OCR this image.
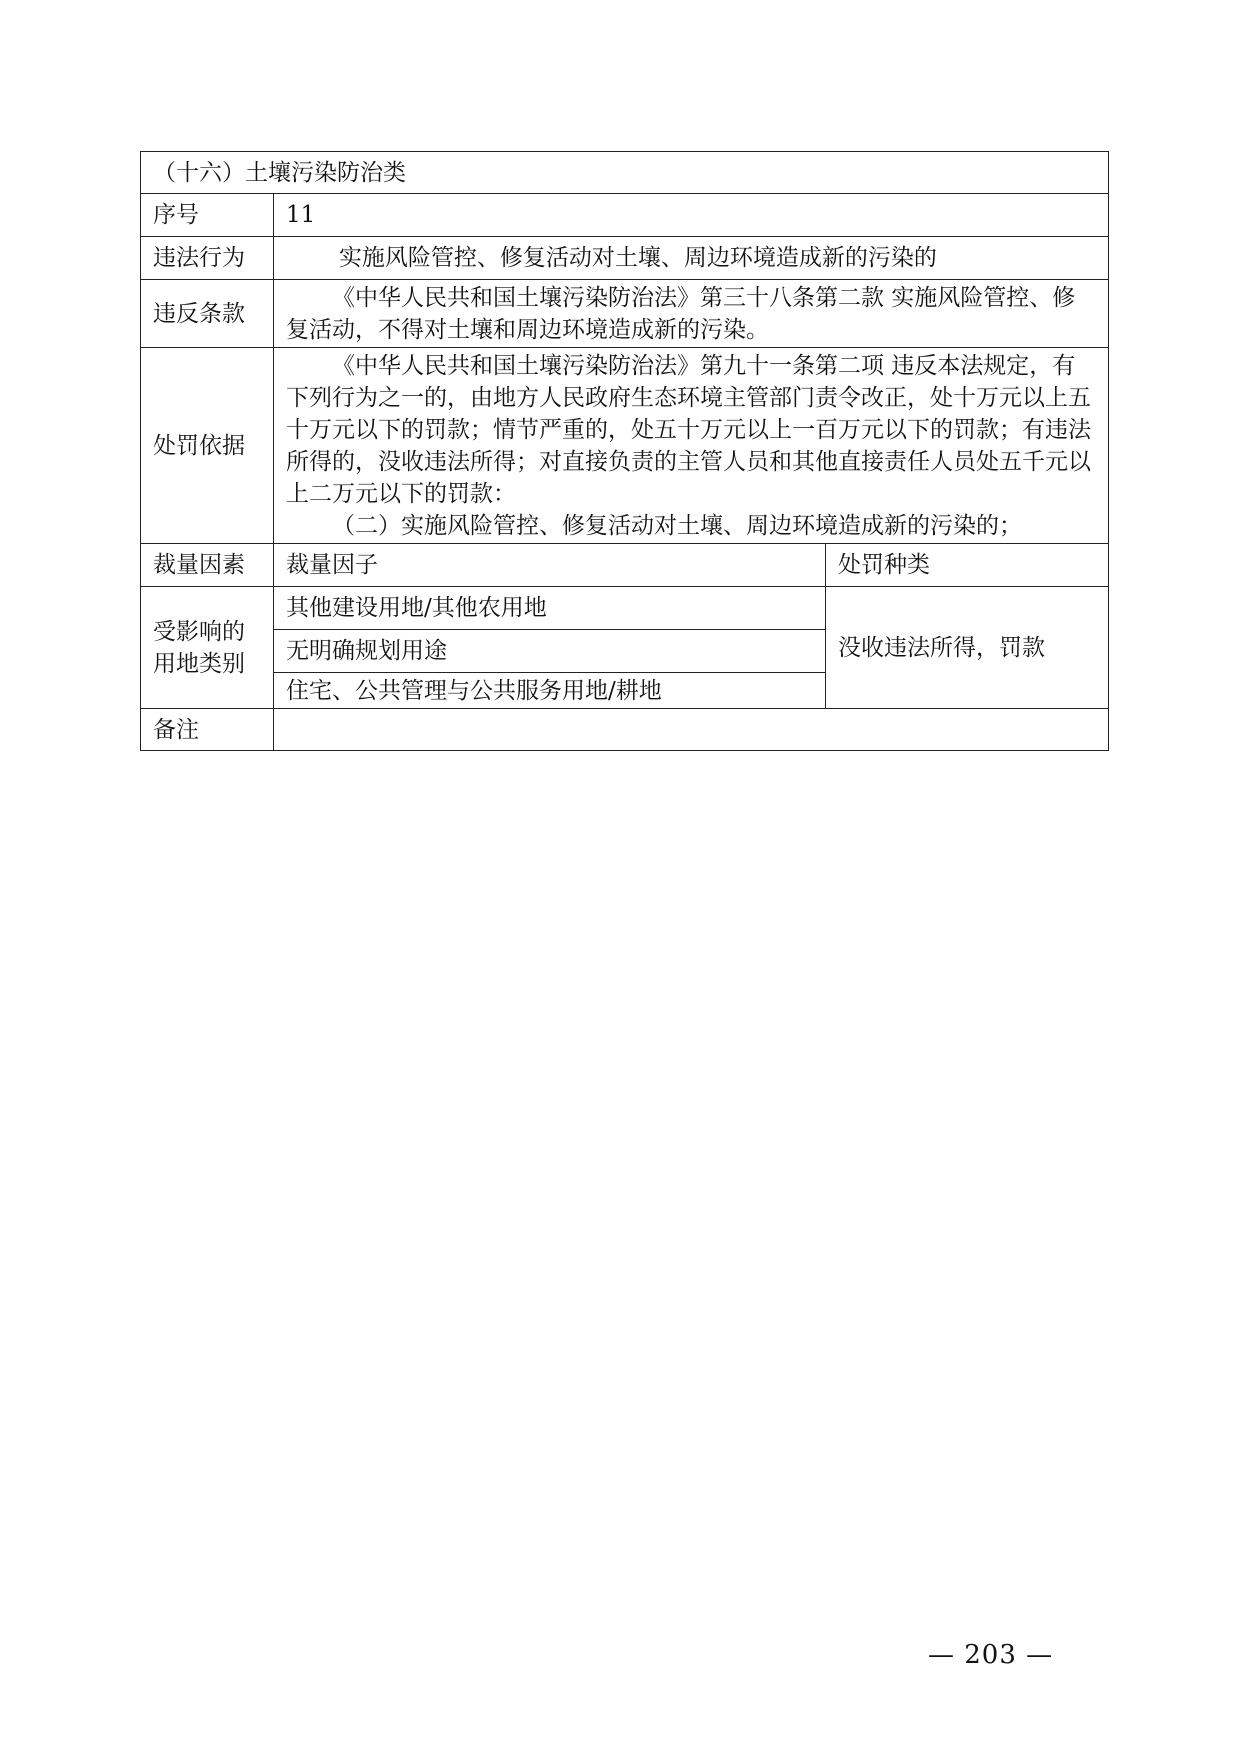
（十六）土壤污染防治类		
序号	11	
违法行为	实施风险管控、修复活动对土壤、周边环境造成新的污染的	
违反条款	《中华人民共和国土壤污染防治法》第三十八条第二款 实施风险管控、修复活动，不得对土壤和周边环境造成新的污染。	
处罚依据	《中华人民共和国土壤污染防治法》第九十一条第二项 违反本法规定，有下列行为之一的，由地方人民政府生态环境主管部门责令改正，处十万元以上五十万元以下的罚款；情节严重的，处五十万元以上一百万元以下的罚款；有违法所得的，没收违法所得；对直接负责的主管人员和其他直接责任人员处五千元以上二万元以下的罚款：
（二）实施风险管控、修复活动对土壤、周边环境造成新的污染的；	

裁量因素	裁量因子	处罚种类
受影响的用地类别	其他建设用地/其他农用地	没收违法所得，罚款
	无明确规划用途	
	住宅、公共管理与公共服务用地/耕地	
备注		
— 203 —
